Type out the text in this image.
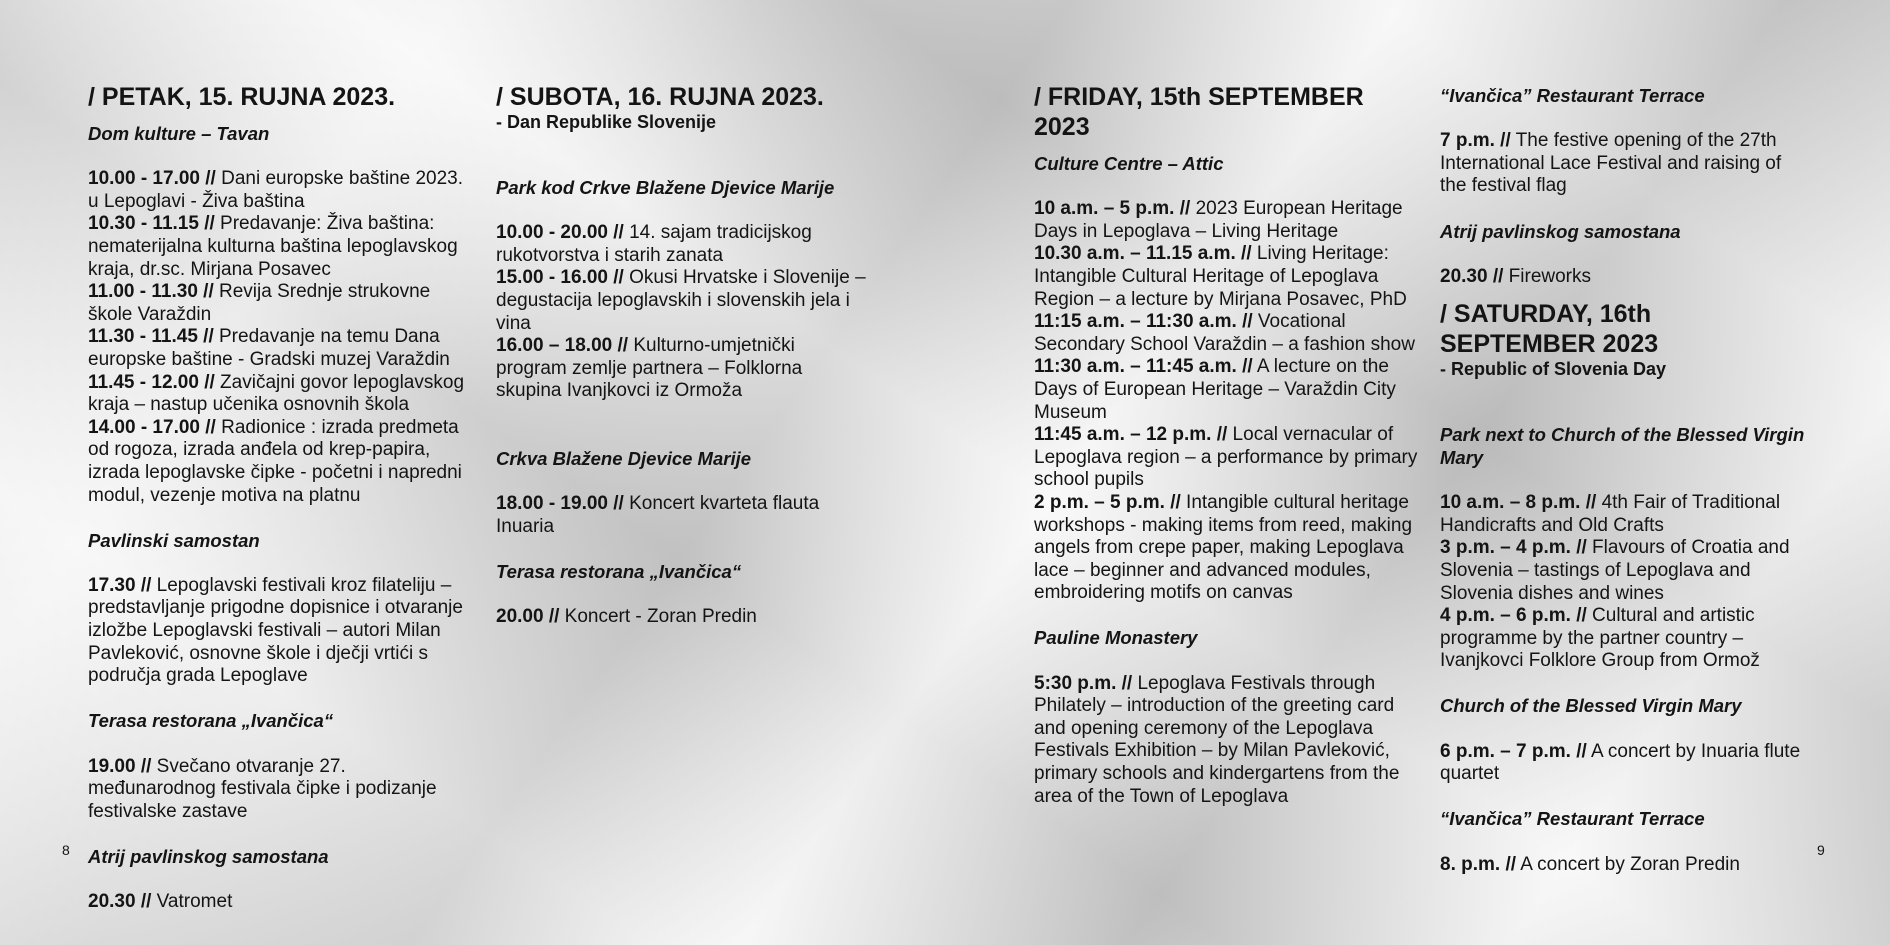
/ PETAK, 15. RUJNA 2023.

Dom kulture – Tavan

10.00 - 17.00 // Dani europske baštine 2023. u Lepoglavi - Živa baština

10.30 - 11.15 // Predavanje: Živa baština: nematerijalna kulturna baština lepoglavskog kraja, dr.sc. Mirjana Posavec

11.00 - 11.30 // Revija Srednje strukovne škole Varaždin

11.30 - 11.45 // Predavanje na temu Dana europske baštine - Gradski muzej Varaždin

11.45 - 12.00 // Zavičajni govor lepoglavskog kraja – nastup učenika osnovnih škola

14.00 - 17.00 // Radionice : izrada predmeta od rogoza, izrada anđela od krep-papira, izrada lepoglavske čipke - početni i napredni modul, vezenje motiva na platnu

Pavlinski samostan

17.30 // Lepoglavski festivali kroz filateliju – predstavljanje prigodne dopisnice i otvaranje izložbe Lepoglavski festivali – autori Milan Pavleković, osnovne škole i dječji vrtići s područja grada Lepoglave

Terasa restorana „Ivančica“

19.00 // Svečano otvaranje 27. međunarodnog festivala čipke i podizanje festivalske zastave

Atrij pavlinskog samostana

20.30 // Vatromet

/ SUBOTA, 16. RUJNA 2023.

- Dan Republike Slovenije

Park kod Crkve Blažene Djevice Marije

10.00 - 20.00 // 14. sajam tradicijskog rukotvorstva i starih zanata

15.00 - 16.00 // Okusi Hrvatske i Slovenije – degustacija lepoglavskih i slovenskih jela i vina

16.00 – 18.00 // Kulturno-umjetnički program zemlje partnera – Folklorna skupina Ivanjkovci iz Ormoža

Crkva Blažene Djevice Marije

18.00 - 19.00 // Koncert kvarteta flauta Inuaria

Terasa restorana „Ivančica“

20.00 // Koncert - Zoran Predin

/ FRIDAY, 15th SEPTEMBER 2023

Culture Centre – Attic

10 a.m. – 5 p.m. // 2023 European Heritage Days in Lepoglava – Living Heritage

10.30 a.m. – 11.15 a.m. // Living Heritage: Intangible Cultural Heritage of Lepoglava Region – a lecture by Mirjana Posavec, PhD

11:15 a.m. – 11:30 a.m. // Vocational Secondary School Varaždin – a fashion show

11:30 a.m. – 11:45 a.m. // A lecture on the Days of European Heritage – Varaždin City Museum

11:45 a.m. – 12 p.m. // Local vernacular of Lepoglava region – a performance by primary school pupils

2 p.m. – 5 p.m. // Intangible cultural heritage workshops - making items from reed, making angels from crepe paper, making Lepoglava lace – beginner and advanced modules, embroidering motifs on canvas

Pauline Monastery

5:30 p.m. // Lepoglava Festivals through Philately – introduction of the greeting card and opening ceremony of the Lepoglava Festivals Exhibition – by Milan Pavleković, primary schools and kindergartens from the area of the Town of Lepoglava

“Ivančica” Restaurant Terrace

7 p.m. // The festive opening of the 27th International Lace Festival and raising of the festival flag

Atrij pavlinskog samostana

20.30 // Fireworks

/ SATURDAY, 16th SEPTEMBER 2023

- Republic of Slovenia Day

Park next to Church of the Blessed Virgin Mary

10 a.m. – 8 p.m. // 4th Fair of Traditional Handicrafts and Old Crafts

3 p.m. – 4 p.m. // Flavours of Croatia and Slovenia – tastings of Lepoglava and Slovenia dishes and wines

4 p.m. – 6 p.m. // Cultural and artistic programme by the partner country – Ivanjkovci Folklore Group from Ormož

Church of the Blessed Virgin Mary

6 p.m. – 7 p.m. // A concert by Inuaria flute quartet

“Ivančica” Restaurant Terrace

8. p.m. // A concert by Zoran Predin

8	9
